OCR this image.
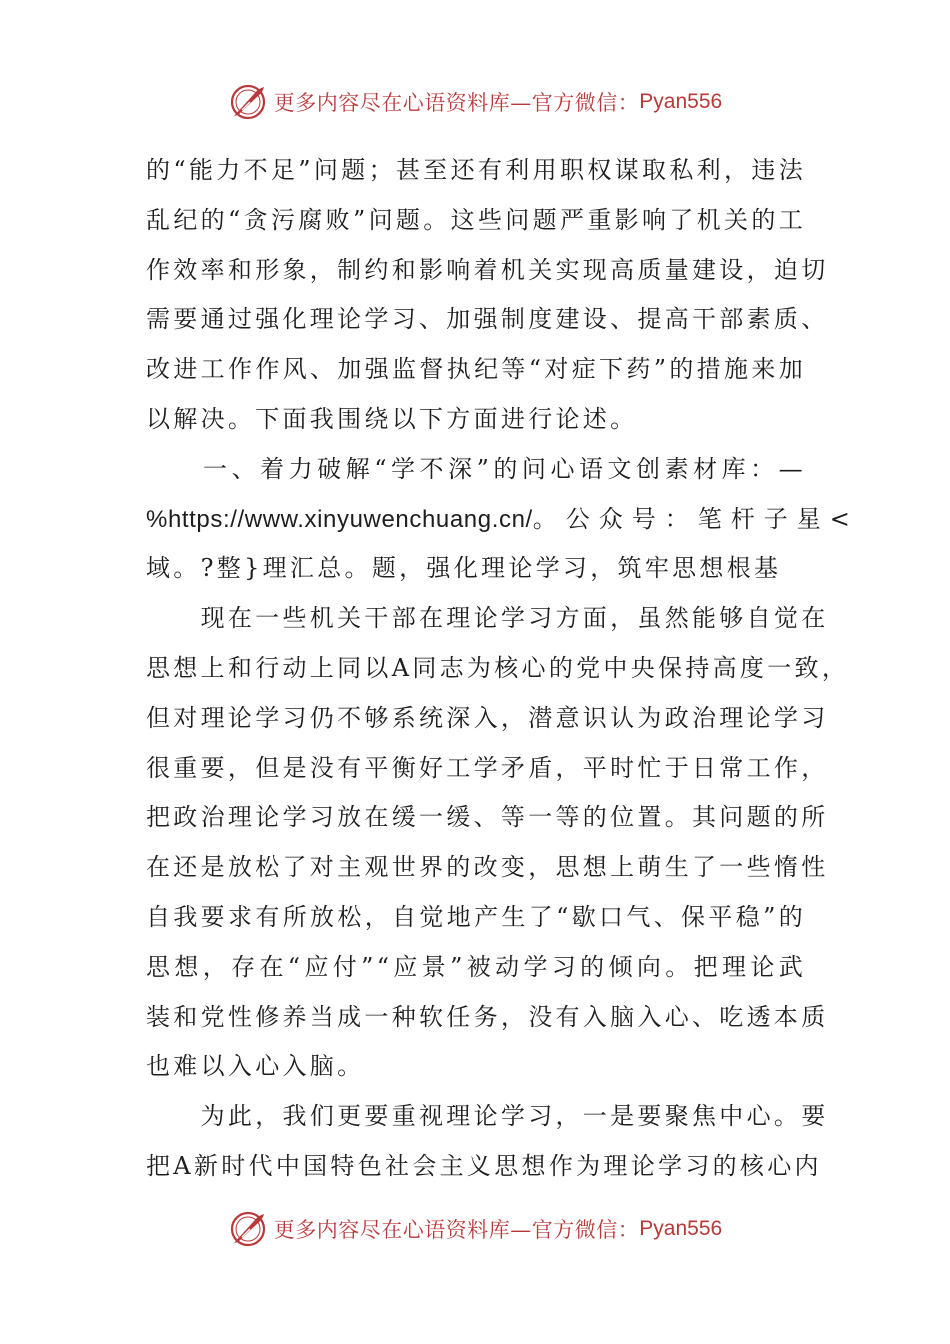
更多内容尽在心语资料库—官方微信： Pyan556
的“能力不足”问题；甚至还有利用职权谋取私利，违法
乱纪的“贪污腐败”问题。这些问题严重影响了机关的工
作效率和形象，制约和影响着机关实现高质量建设，迫切
需要通过强化理论学习、加强制度建设、提高干部素质、
改进工作作风、加强监督执纪等“对症下药”的措施来加
以解决。下面我围绕以下方面进行论述。
　　一、着力破解“学不深”的问心语文创素材库：—
%https://www.xinyuwenchuang.cn/。公众号：笔杆子星<
域。?整}理汇总。题，强化理论学习，筑牢思想根基
　　现在一些机关干部在理论学习方面，虽然能够自觉在
思想上和行动上同以A同志为核心的党中央保持高度一致，
但对理论学习仍不够系统深入，潜意识认为政治理论学习
很重要，但是没有平衡好工学矛盾，平时忙于日常工作，
把政治理论学习放在缓一缓、等一等的位置。其问题的所
在还是放松了对主观世界的改变，思想上萌生了一些惰性
自我要求有所放松，自觉地产生了“歇口气、保平稳”的
思想，存在“应付”“应景”被动学习的倾向。把理论武
装和党性修养当成一种软任务，没有入脑入心、吃透本质
也难以入心入脑。
　　为此，我们更要重视理论学习，一是要聚焦中心。要
把A新时代中国特色社会主义思想作为理论学习的核心内
更多内容尽在心语资料库—官方微信： Pyan556
